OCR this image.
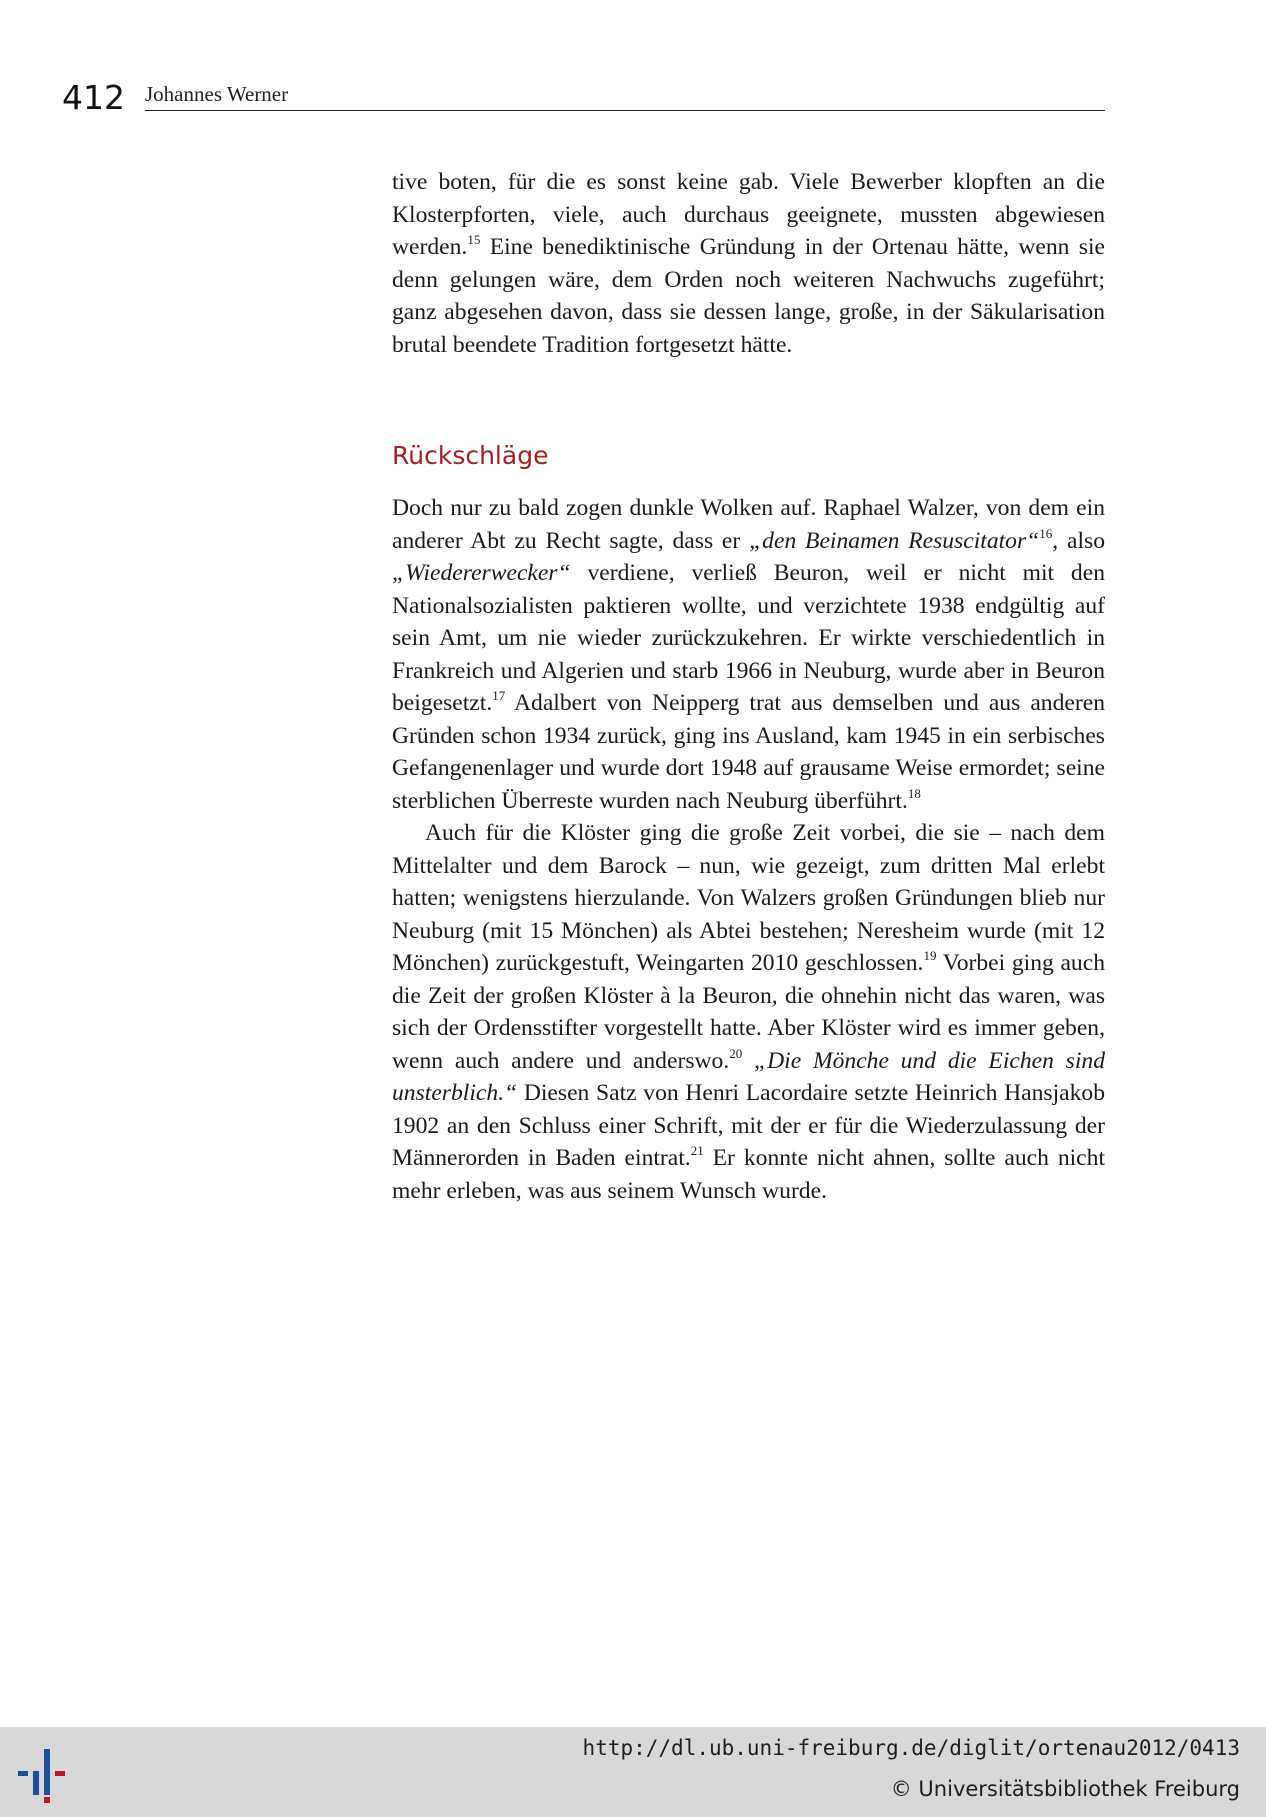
412 Johannes Werner

tive boten, für die es sonst keine gab. Viele Bewerber klopften an die Klosterpforten, viele, auch durchaus geeignete, mussten abgewiesen werden.$^{15}$ Eine benediktinische Gründung in der Ortenau hätte, wenn sie denn gelungen wäre, dem Orden noch weiteren Nachwuchs zugeführt; ganz abgesehen davon, dass sie dessen lange, große, in der Säkularisation brutal beendete Tradition fortgesetzt hätte.

Rückschläge

Doch nur zu bald zogen dunkle Wolken auf. Raphael Walzer, von dem ein anderer Abt zu Recht sagte, dass er „den Beinamen Resuscitator“$^{16}$, also „Wiedererwecker“ verdiene, verließ Beuron, weil er nicht mit den Nationalsozialisten paktieren wollte, und verzichtete 1938 endgültig auf sein Amt, um nie wieder zurückzukehren. Er wirkte verschiedentlich in Frankreich und Algerien und starb 1966 in Neuburg, wurde aber in Beuron beigesetzt.$^{17}$ Adalbert von Neipperg trat aus demselben und aus anderen Gründen schon 1934 zurück, ging ins Ausland, kam 1945 in ein serbisches Gefangenenlager und wurde dort 1948 auf grausame Weise ermordet; seine sterblichen Überreste wurden nach Neuburg überführt.$^{18}$

Auch für die Klöster ging die große Zeit vorbei, die sie – nach dem Mittelalter und dem Barock – nun, wie gezeigt, zum dritten Mal erlebt hatten; wenigstens hierzulande. Von Walzers großen Gründungen blieb nur Neuburg (mit 15 Mönchen) als Abtei bestehen; Neresheim wurde (mit 12 Mönchen) zurückgestuft, Weingarten 2010 geschlossen.$^{19}$ Vorbei ging auch die Zeit der großen Klöster à la Beuron, die ohnehin nicht das waren, was sich der Ordensstifter vorgestellt hatte. Aber Klöster wird es immer geben, wenn auch andere und anderswo.$^{20}$ „Die Mönche und die Eichen sind unsterblich.“ Diesen Satz von Henri Lacordaire setzte Heinrich Hansjakob 1902 an den Schluss einer Schrift, mit der er für die Wiederzulassung der Männerorden in Baden eintrat.$^{21}$ Er konnte nicht ahnen, sollte auch nicht mehr erleben, was aus seinem Wunsch wurde.

http://dl.ub.uni-freiburg.de/diglit/ortenau2012/0413
© Universitätsbibliothek Freiburg
